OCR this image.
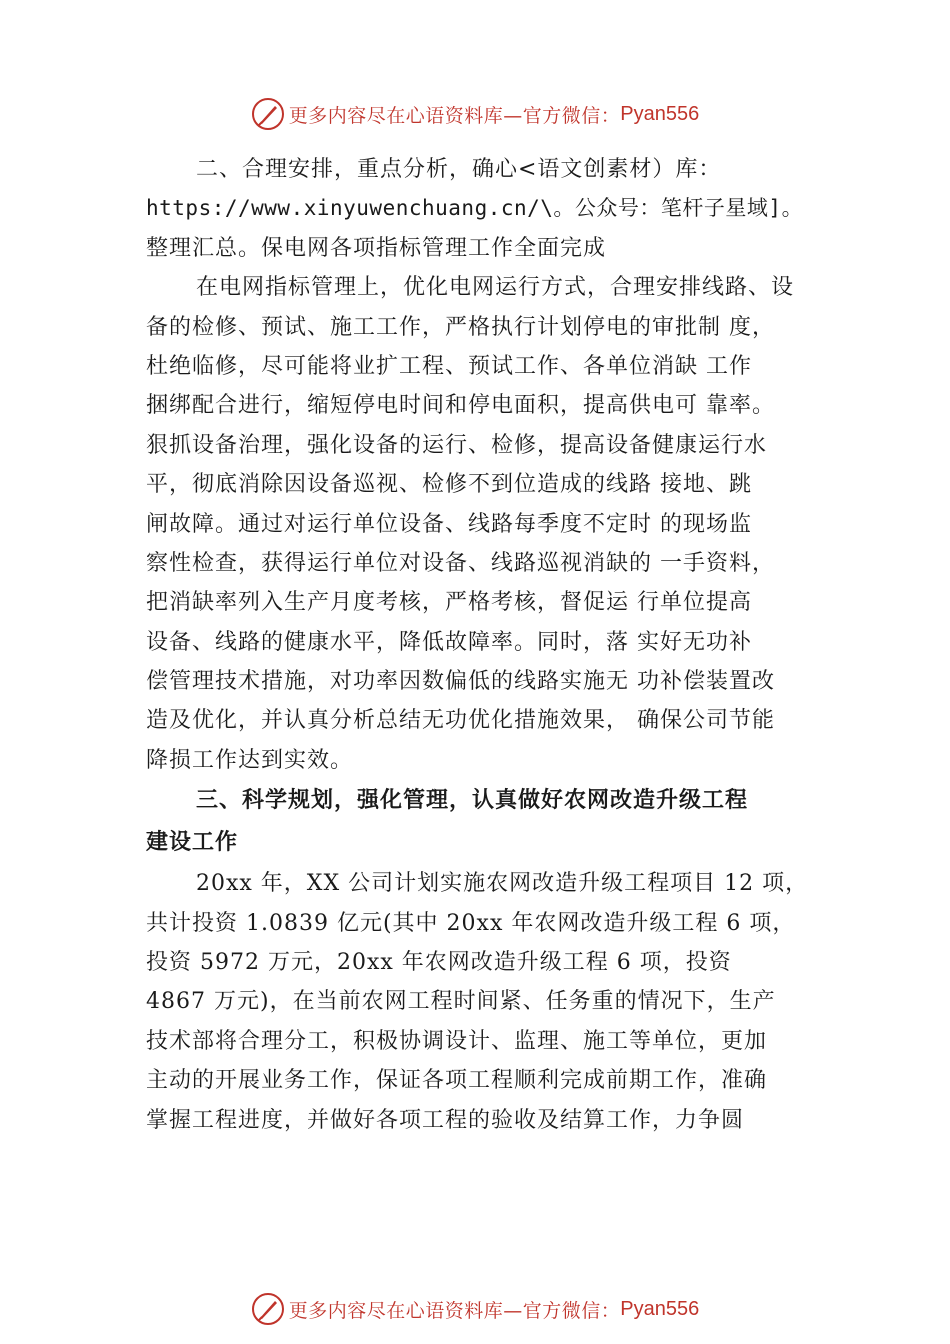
更多内容尽在心语资料库—官方微信： Pyan556
二、合理安排，重点分析，确心<语文创素材）库：
https://www.xinyuwenchuang.cn/\。公众号：笔杆子星域]。
整理汇总。保电网各项指标管理工作全面完成
在电网指标管理上，优化电网运行方式，合理安排线路、设
备的检修、预试、施工工作，严格执行计划停电的审批制 度，
杜绝临修，尽可能将业扩工程、预试工作、各单位消缺 工作
捆绑配合进行，缩短停电时间和停电面积，提高供电可 靠率。
狠抓设备治理，强化设备的运行、检修，提高设备健康运行水
平，彻底消除因设备巡视、检修不到位造成的线路 接地、跳
闸故障。通过对运行单位设备、线路每季度不定时 的现场监
察性检查，获得运行单位对设备、线路巡视消缺的 一手资料，
把消缺率列入生产月度考核，严格考核，督促运 行单位提高
设备、线路的健康水平，降低故障率。同时，落 实好无功补
偿管理技术措施，对功率因数偏低的线路实施无 功补偿装置改
造及优化，并认真分析总结无功优化措施效果， 确保公司节能
降损工作达到实效。
三、科学规划，强化管理，认真做好农网改造升级工程
建设工作
20xx 年，XX 公司计划实施农网改造升级工程项目 12 项，
共计投资 1.0839 亿元(其中 20xx 年农网改造升级工程 6 项，
投资 5972 万元，20xx 年农网改造升级工程 6 项，投资
4867 万元)，在当前农网工程时间紧、任务重的情况下，生产
技术部将合理分工，积极协调设计、监理、施工等单位，更加
主动的开展业务工作，保证各项工程顺利完成前期工作，准确
掌握工程进度，并做好各项工程的验收及结算工作，力争圆
更多内容尽在心语资料库—官方微信： Pyan556
